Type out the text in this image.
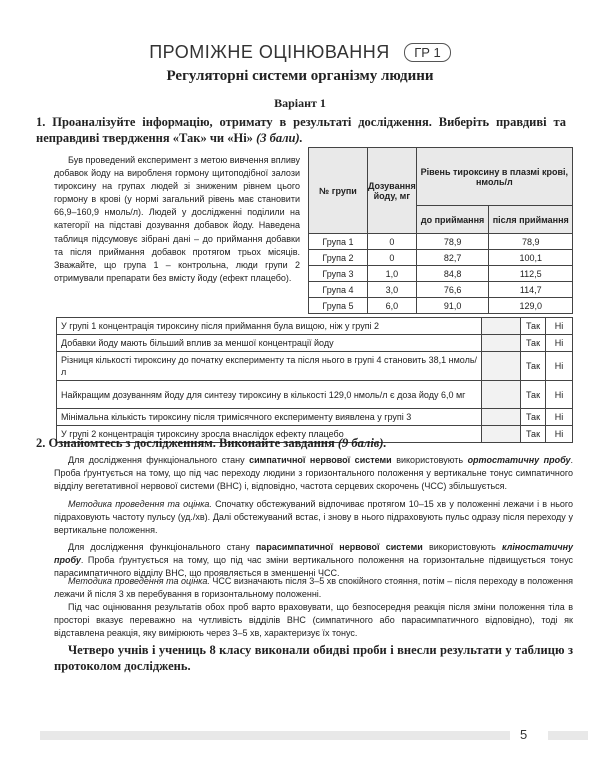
ПРОМІЖНЕ ОЦІНЮВАННЯ ГР 1
Регуляторні системи організму людини
Варіант 1
1. Проаналізуйте інформацію, отримату в результаті дослідження. Виберіть правдиві та неправдиві твердження «Так» чи «Ні» (3 бали).
Був проведений експеримент з метою вивчення впливу добавок йоду на виробленя гормону щитоподібної залози тироксину на групах людей зі зниженим рівнем цього гормону в крові (у нормі загальний рівень має становити 66,9–160,9 нмоль/л). Людей у дослідженні поділили на категорії на підставі дозування добавок йоду. Наведена таблиця підсумовує зібрані дані – до приймання добавки та після приймання добавок протягом трьох місяців. Зважайте, що група 1 – контрольна, люди групи 2 отримували препарати без вмісту йоду (ефект плацебо).
№ групи	Дозування йоду, мг	Рівень тироксину в плазмі крові, нмоль/л	
		до приймання	після приймання
Група 1	0	78,9	78,9
Група 2	0	82,7	100,1
Група 3	1,0	84,8	112,5
Група 4	3,0	76,6	114,7
Група 5	6,0	91,0	129,0
У групі 1 концентрація тироксину після приймання була вищою, ніж у групі 2		Так	Ні
Добавки йоду мають більший вплив за меншої концентрації йоду		Так	Ні
Різниця кількості тироксину до початку експерименту та після нього в групі 4 становить 38,1 нмоль/л		Так	Ні
Найкращим дозуванням йоду для синтезу тироксину в кількості 129,0 нмоль/л є доза йоду 6,0 мг		Так	Ні
Мінімальна кількість тироксину після тримісячного експерименту виявлена у групі 3		Так	Ні
У групі 2 концентрація тироксину зросла внаслідок ефекту плацебо		Так	Ні
2. Ознайомтесь з дослідженням. Виконайте завдання (9 балів).
Для дослідження функціонального стану симпатичної нервової системи використовують ортостатичну пробу. Проба ґрунтується на тому, що під час переходу людини з горизонтального положення у вертикальне тонус симпатичного відділу вегетативної нервової системи (ВНС) і, відповідно, частота серцевих скорочень (ЧСС) збільшується.
Методика проведення та оцінка. Спочатку обстежуваний відпочиває протягом 10–15 хв у положенні лежачи і в нього підраховують частоту пульсу (уд./хв). Далі обстежуваний встає, і знову в нього підраховують пульс одразу після переходу у вертикальне положення.
Для дослідження функціонального стану парасимпатичної нервової системи використовують кліностатичну пробу. Проба ґрунтується на тому, що під час зміни вертикального положення на горизонтальне підвищується тонус парасимпатичного відділу ВНС, що проявляється в зменшенні ЧСС.
Методика проведення та оцінка. ЧСС визначають після 3–5 хв спокійного стояння, потім – після переходу в положення лежачи й після 3 хв перебування в горизонтальному положенні.
Під час оцінювання результатів обох проб варто враховувати, що безпосередня реакція після зміни положення тіла в просторі вказує переважно на чутливість відділів ВНС (симпатичного або парасимпатичного відповідно), тоді як відставлена реакція, яку вимірюють через 3–5 хв, характеризує їх тонус.
Четверо учнів і учениць 8 класу виконали обидві проби і внесли результати у таблицю з протоколом досліджень.
5
